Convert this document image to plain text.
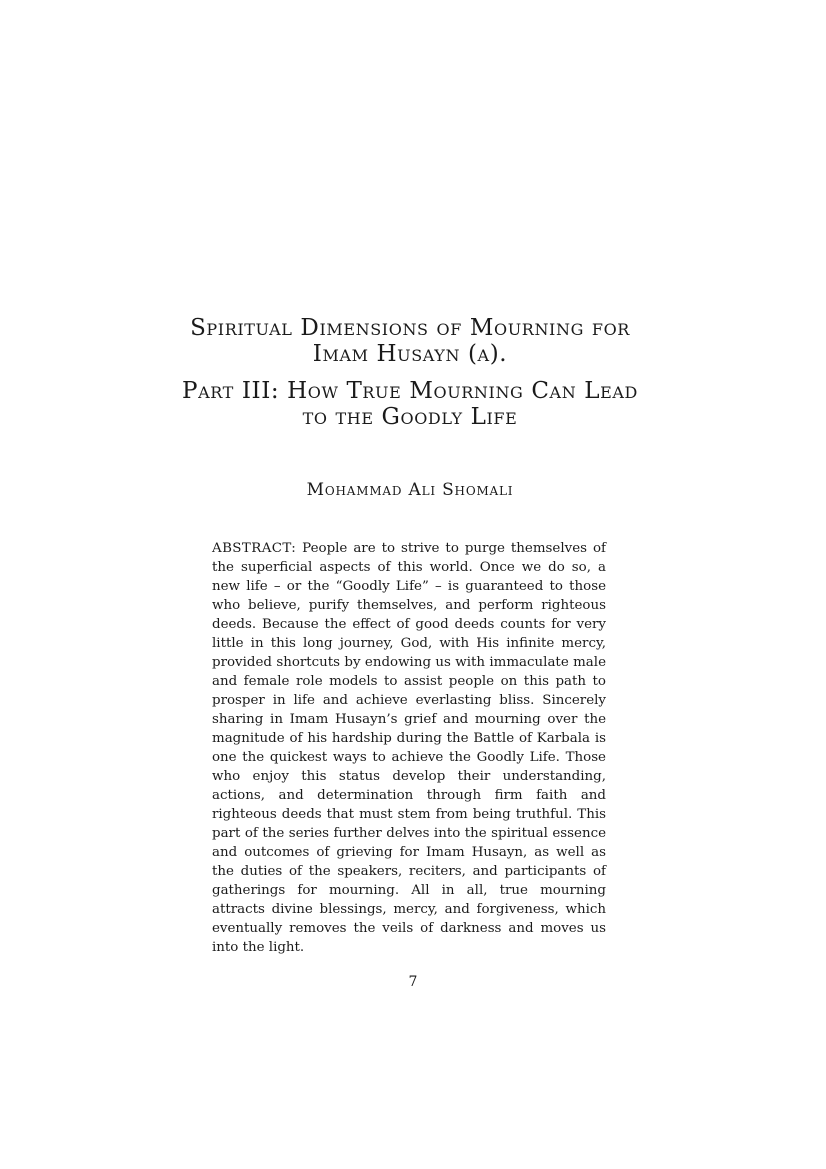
Spiritual Dimensions of Mourning for
Imam Husayn (a).
Part III: How True Mourning Can Lead
to the Goodly Life
Mohammad Ali Shomali
ABSTRACT: People are to strive to purge themselves of the superficial aspects of this world. Once we do so, a new life – or the “Goodly Life” – is guaranteed to those who believe, purify themselves, and perform righteous deeds. Because the effect of good deeds counts for very little in this long journey, God, with His infinite mercy, provided shortcuts by endowing us with immaculate male and female role models to assist people on this path to prosper in life and achieve everlasting bliss. Sincerely sharing in Imam Husayn’s grief and mourning over the magnitude of his hardship during the Battle of Karbala is one the quickest ways to achieve the Goodly Life. Those who enjoy this status develop their understanding, actions, and determination through firm faith and righteous deeds that must stem from being truthful. This part of the series further delves into the spiritual essence and outcomes of grieving for Imam Husayn, as well as the duties of the speakers, reciters, and participants of gatherings for mourning. All in all, true mourning attracts divine blessings, mercy, and forgiveness, which eventually removes the veils of darkness and moves us into the light.
7
